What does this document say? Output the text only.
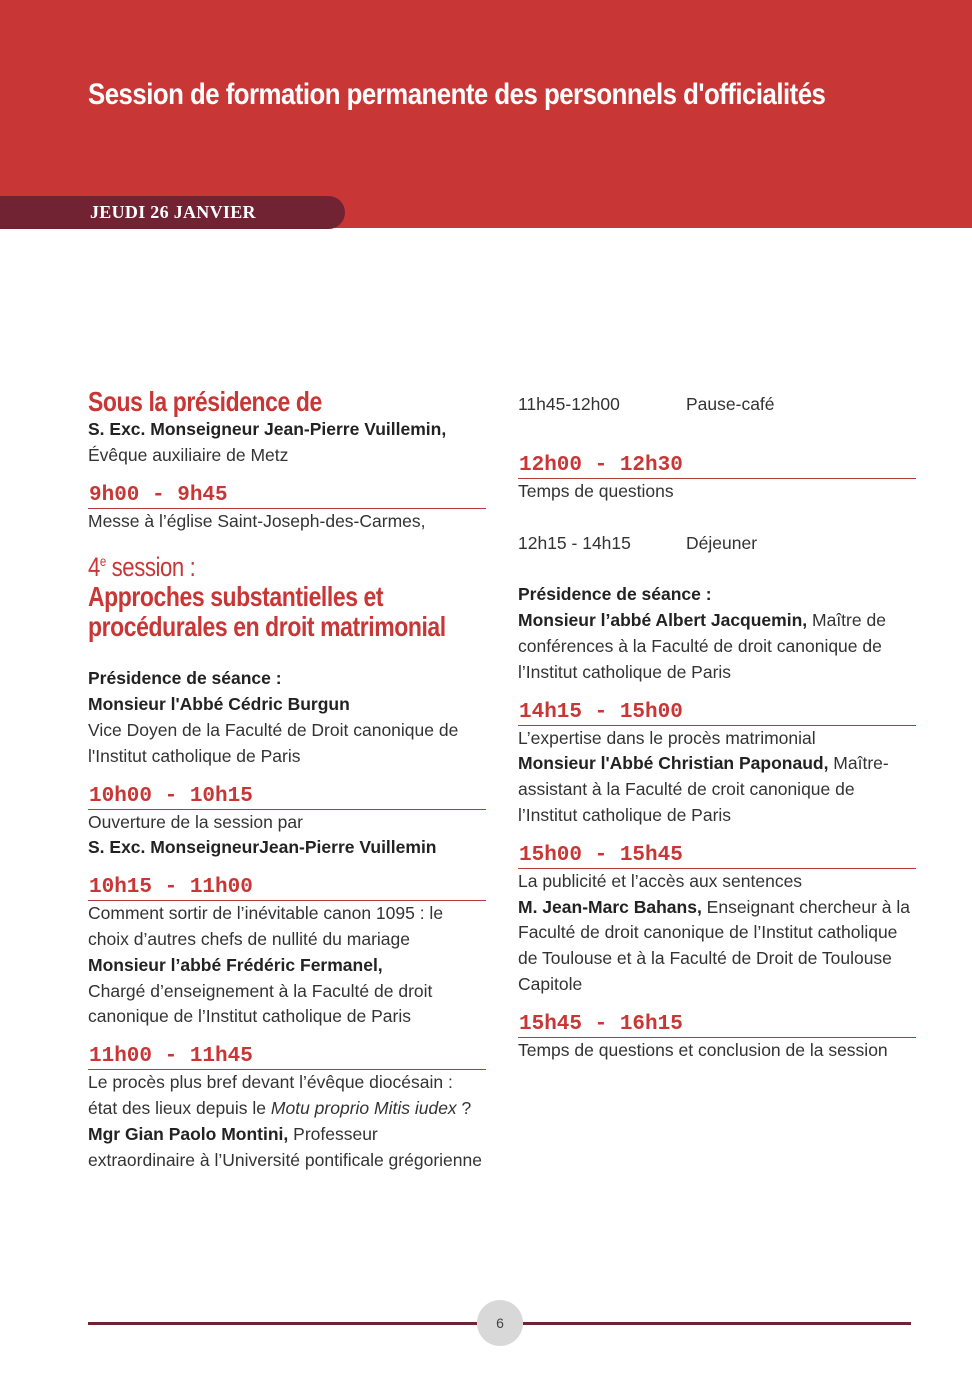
Session de formation permanente des personnels d'officialités
JEUDI 26 JANVIER
Sous la présidence de

S. Exc. Monseigneur Jean-Pierre Vuillemin,

Évêque auxiliaire de Metz

9h00 - 9h45

Messe à l’église Saint-Joseph-des-Carmes,

4e session :
Approches substantielles et
procédurales en droit matrimonial

Présidence de séance :

Monsieur l'Abbé Cédric Burgun

Vice Doyen de la Faculté de Droit canonique de l'Institut catholique de Paris

10h00 - 10h15

Ouverture de la session par

S. Exc. MonseigneurJean-Pierre Vuillemin

10h15 - 11h00

Comment sortir de l’inévitable canon 1095 : le choix d’autres chefs de nullité du mariage

Monsieur l’abbé Frédéric Fermanel,

Chargé d’enseignement à la Faculté de droit canonique de l’Institut catholique de Paris

11h00 - 11h45

Le procès plus bref devant l’évêque diocésain : état des lieux depuis le Motu proprio Mitis iudex ?

Mgr Gian Paolo Montini, Professeur extraordinaire à l’Université pontificale grégorienne

11h45-12h00	Pause-café
12h00 - 12h30

Temps de questions

12h15 - 14h15	Déjeuner

Présidence de séance :

Monsieur l’abbé Albert Jacquemin, Maître de conférences à la Faculté de droit canonique de l’Institut catholique de Paris

14h15 - 15h00

L’expertise dans le procès matrimonial

Monsieur l'Abbé Christian Paponaud, Maître-assistant à la Faculté de croit canonique de l’Institut catholique de Paris

15h00 - 15h45

La publicité et l’accès aux sentences

M. Jean-Marc Bahans, Enseignant chercheur à la Faculté de droit canonique de l’Institut catholique de Toulouse et à la Faculté de Droit de Toulouse Capitole

15h45 - 16h15

Temps de questions et conclusion de la session

6
